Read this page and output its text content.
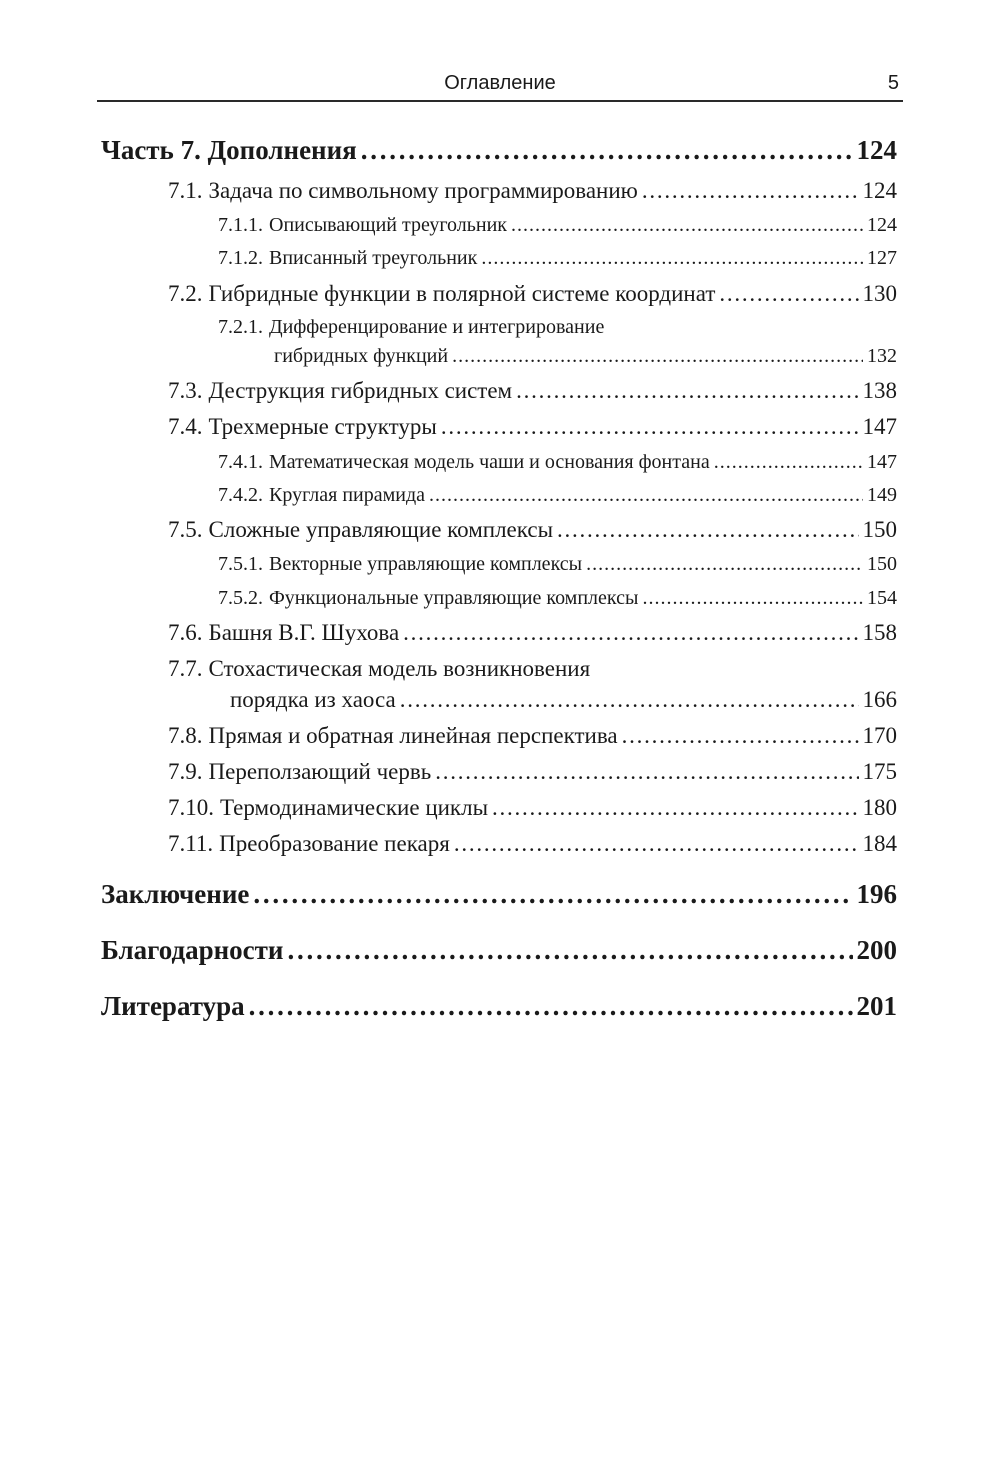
Оглавление	5
Часть 7. Дополнения . . .	124
7.1. Задача по символьному программированию . . .	124
7.1.1. Описывающий треугольник . . .	124
7.1.2. Вписанный треугольник . . .	127
7.2. Гибридные функции в полярной системе координат . . .	130
7.2.1. Дифференцирование и интегрирование
гибридных функций . . .	132
7.3. Деструкция гибридных систем . . .	138
7.4. Трехмерные структуры . . .	147
7.4.1. Математическая модель чаши и основания фонтана . . .	147
7.4.2. Круглая пирамида . . .	149
7.5. Сложные управляющие комплексы . . .	150
7.5.1. Векторные управляющие комплексы . . .	150
7.5.2. Функциональные управляющие комплексы . . .	154
7.6. Башня В.Г. Шухова . . .	158
7.7. Стохастическая модель возникновения
порядка из хаоса . . .	166
7.8. Прямая и обратная линейная перспектива . . .	170
7.9. Переползающий червь . . .	175
7.10. Термодинамические циклы . . .	180
7.11. Преобразование пекаря . . .	184
Заключение . . .	196
Благодарности . . .	200
Литература . . .	201
